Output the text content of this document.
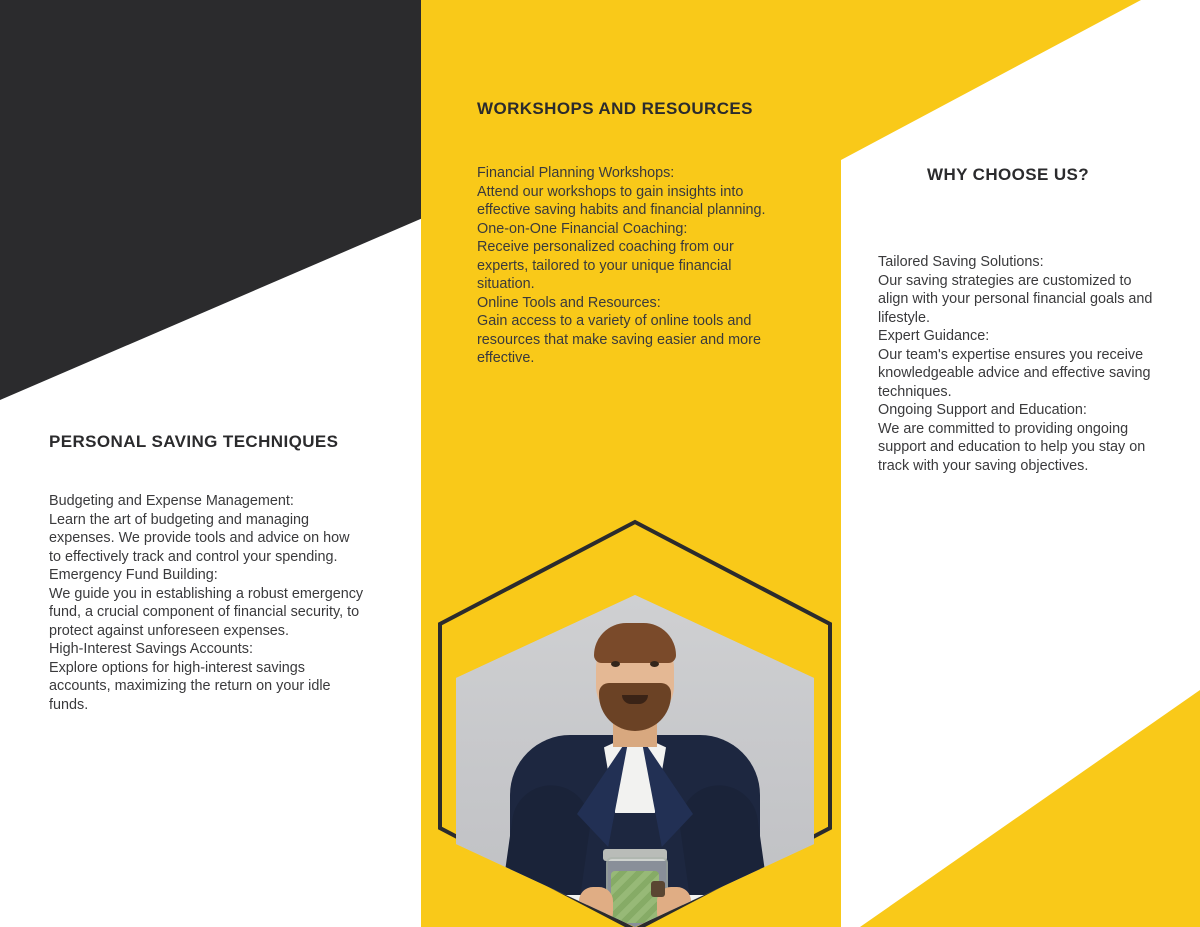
WORKSHOPS AND RESOURCES
Financial Planning Workshops:
Attend our workshops to gain insights into effective saving habits and financial planning.
One-on-One Financial Coaching:
Receive personalized coaching from our experts, tailored to your unique financial situation.
Online Tools and Resources:
Gain access to a variety of online tools and resources that make saving easier and more effective.
WHY CHOOSE US?
Tailored Saving Solutions:
Our saving strategies are customized to align with your personal financial goals and lifestyle.
Expert Guidance:
Our team's expertise ensures you receive knowledgeable advice and effective saving techniques.
Ongoing Support and Education:
We are committed to providing ongoing support and education to help you stay on track with your saving objectives.
PERSONAL SAVING TECHNIQUES
Budgeting and Expense Management:
Learn the art of budgeting and managing expenses. We provide tools and advice on how to effectively track and control your spending.
Emergency Fund Building:
We guide you in establishing a robust emergency fund, a crucial component of financial security, to protect against unforeseen expenses.
High-Interest Savings Accounts:
Explore options for high-interest savings accounts, maximizing the return on your idle funds.
